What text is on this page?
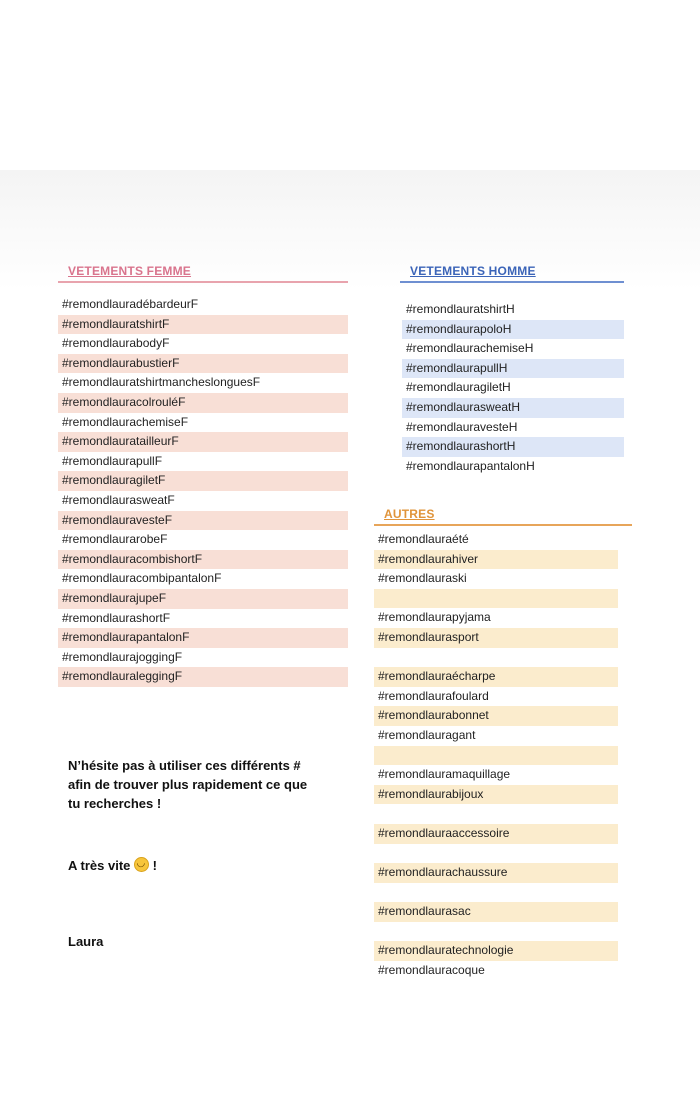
VETEMENTS FEMME
#remondlauradébardeurF
#remondlauratshirtF
#remondlaurabodyF
#remondlaurabustierF
#remondlauratshirtmancheslonguesF
#remondlauracolrouléF
#remondlaurachemiseF
#remondlauratailleurF
#remondlaurapullF
#remondlauragiletF
#remondlaurasweatF
#remondlauravesteF
#remondlaurarobeF
#remondlauracombishortF
#remondlauracombipantalonF
#remondlaurajupeF
#remondlaurashortF
#remondlaurapantalonF
#remondlaurajoggingF
#remondlauraleggingF
VETEMENTS HOMME
#remondlauratshirtH
#remondlaurapoloH
#remondlaurachemiseH
#remondlaurapullH
#remondlauragiletH
#remondlaurasweatH
#remondlauravesteH
#remondlaurashortH
#remondlaurapantalonH
AUTRES
#remondlauraété
#remondlaurahiver
#remondlauraski
#remondlaurapyjama
#remondlaurasport
#remondlauraécharpe
#remondlaurafoulard
#remondlaurabonnet
#remondlauragant
#remondlauramaquillage
#remondlaurabijoux
#remondlauraaccessoire
#remondlaurachaussure
#remondlaurasac
#remondlauratechnologie
#remondlauracoque
N’hésite pas à utiliser ces différents #
afin de trouver plus rapidement ce que
tu recherches !
A très vite ◡ !
Laura
